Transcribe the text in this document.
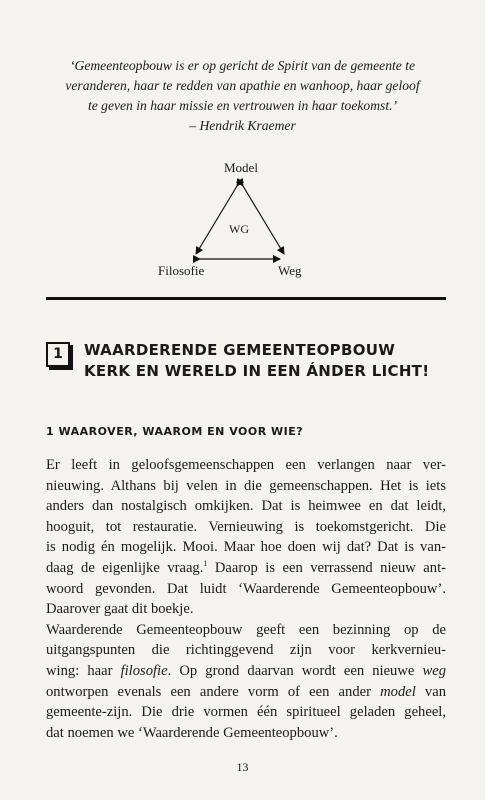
‘Gemeenteopbouw is er op gericht de Spirit van de gemeente te
veranderen, haar te redden van apathie en wanhoop, haar geloof
te geven in haar missie en vertrouwen in haar toekomst.’
– Hendrik Kraemer
Model
WG
Filosofie	Weg
1	WAARDERENDE GEMEENTEOPBOUW
KERK EN WERELD IN EEN ÁNDER LICHT!
1 WAAROVER, WAAROM EN VOOR WIE?
Er leeft in geloofsgemeenschappen een verlangen naar ver-
nieuwing. Althans bij velen in die gemeenschappen. Het is iets
anders dan nostalgisch omkijken. Dat is heimwee en dat leidt,
hooguit, tot restauratie. Vernieuwing is toekomstgericht. Die
is nodig én mogelijk. Mooi. Maar hoe doen wij dat? Dat is van-
daag de eigenlijke vraag.$^1$ Daarop is een verrassend nieuw ant-
woord gevonden. Dat luidt ‘Waarderende Gemeenteopbouw’.
Daarover gaat dit boekje.
Waarderende Gemeenteopbouw geeft een bezinning op de
uitgangspunten die richtinggevend zijn voor kerkvernieu-
wing: haar filosofie. Op grond daarvan wordt een nieuwe weg
ontworpen evenals een andere vorm of een ander model van
gemeente-zijn. Die drie vormen één spiritueel geladen geheel,
dat noemen we ‘Waarderende Gemeenteopbouw’.
13
